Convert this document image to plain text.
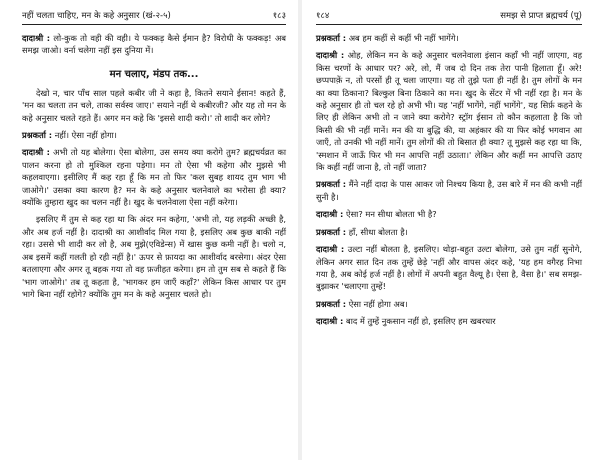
नहीं चलता चाहिए, मन के कहे अनुसार (खं-२-५)	१८३

दादाश्री : लो-कुक तो वही की वही। ये फक्कड़ कैसे ईमान है? विरोधी के फक्कड़! अब समझ जाओ। वर्ना चलेगा नहीं इस दुनिया में।

मन चलाए, मंडप तक...

देखो न, चार पाँच साल पहले कबीर जी ने कहा है, कितने सयाने ईसान! कहते हैं, 'मन का चलता तन चले, ताका सर्वस्व जाए।' सयाने नहीं थे कबीरजी? और यह तो मन के कहे अनुसार चलते रहते हैं। अगर मन कहे कि 'इससे शादी करो।' तो शादी कर लोगे?

प्रश्नकर्ता : नहीं। ऐसा नहीं होगा।

दादाश्री : अभी तो यह बोलेगा। ऐसा बोलेगा, उस समय क्या करोगे तुम? ब्रह्मचर्यव्रत का पालन करना हो तो मुश्किल रहना पड़ेगा। मन तो ऐसा भी कहेगा और मुझसे भी कहलवाएगा। इसीलिए मैं कह रहा हूँ कि मन तो फिर 'कल सुबह शायद तुम भाग भी जाओगे।' उसका क्या कारण है? मन के कहे अनुसार चलनेवाले का भरोसा ही क्या? क्योंकि तुम्हारा खुद का चलन नहीं है। खुद के चलनेवाला ऐसा नहीं करेगा।

इसलिए मैं तुम से कह रहा था कि अंदर मन कहेगा, 'अभी तो, यह लड़की अच्छी है, और अब हर्ज नहीं है। दादाश्री का आशीर्वाद मिल गया है, इसलिए अब कुछ बाकी नहीं रहा। उससे भी शादी कर लो है, अब मुझे(एविडेन्स) में खास कुछ कमी नहीं है। चलो न, अब इसमें कहीं गलती हो रही नहीं है।' ऊपर से फ़ायदा का आशीर्वाद बरसेगा। अंदर ऐसा बतलाएगा और अगर तू बहक गया तो वह फ़जीहत करेगा। हम तो तुम सब से कहते हैं कि 'भाग जाओगे।' तब तू कहता है, 'भागकर हम जाएँ कहाँ?' लेकिन किस आधार पर तुम भागे बिना नहीं रहोगे? क्योंकि तुम मन के कहे अनुसार चलते हो।

१८४	समझ से प्राप्त ब्रह्मचर्य (पू)

प्रश्नकर्ता : अब हम कहीं से कहीं भी नहीं भागेंगे।

दादाश्री : ओह, लेकिन मन के कहे अनुसार चलनेवाला इंसान कहाँ भी नहीं जाएगा, वह किस चरणों के आधार पर? अरे, लो, मैं जब दो दिन तक तेरा पानी हिलाता हूँ। अरे! छप्पपाक़ें न, तो परसों ही तू चला जाएगा। यह तो तुझे पता ही नहीं है। तुम लोगों के मन का क्या ठिकाना? बिल्कुल बिना ठिकाने का मन। खुद के सेंटर में भी नहीं रहा है। मन के कहे अनुसार ही तो चल रहे हो अभी भी। यह 'नहीं भागेंगे, नहीं भागेंगे', यह सिर्फ़ कहने के लिए ही लेकिन अभी तो न जाने क्या करोगे? स्ट्रॉग ईसान तो कौन कहलाता है कि जो किसी की भी नहीं मानें। मन की या बुद्धि की, या अहंकार की या फिर कोई भगवान आ जाएँ, तो उनकी भी नहीं मानें। तुम लोगों की तो बिसात ही क्या? तू मुझसे कह रहा था कि, 'स्मशान में जाऊँ फिर भी मन आपत्ति नहीं उठाता।' लेकिन और कहीं मन आपत्ति उठाए कि कहीं नहीं जाना है, तो नहीं जाता?

प्रश्नकर्ता : मैंने नहीं दादा के पास आकर जो निश्चय किया है, उस बारे में मन की कभी नहीं सुनी है।

दादाश्री : ऐसा? मन सीधा बोलता भी है?

प्रश्नकर्ता : हाँ, सीधा बोलता है।

दादाश्री : उल्टा नहीं बोलता है, इसलिए। थोड़ा-बहुत उल्टा बोलेगा, उसे तुम नहीं सुनोगे, लेकिन अगर सात दिन तक तुम्हें छेड़े 'नहीं और वापस अंदर कहे, 'यह हम वगैरह निभा गया है, अब कोई हर्ज नहीं है। लोगों में अपनी बहुत वैल्यू है। ऐसा है, वैसा है।' सब समझ-बुझाकर 'चलाएगा तुम्हें!

प्रश्नकर्ता : ऐसा नहीं होगा अब।

दादाश्री : बाद में तुम्हें नुकसान नहीं हो, इसलिए हम खबरधार
